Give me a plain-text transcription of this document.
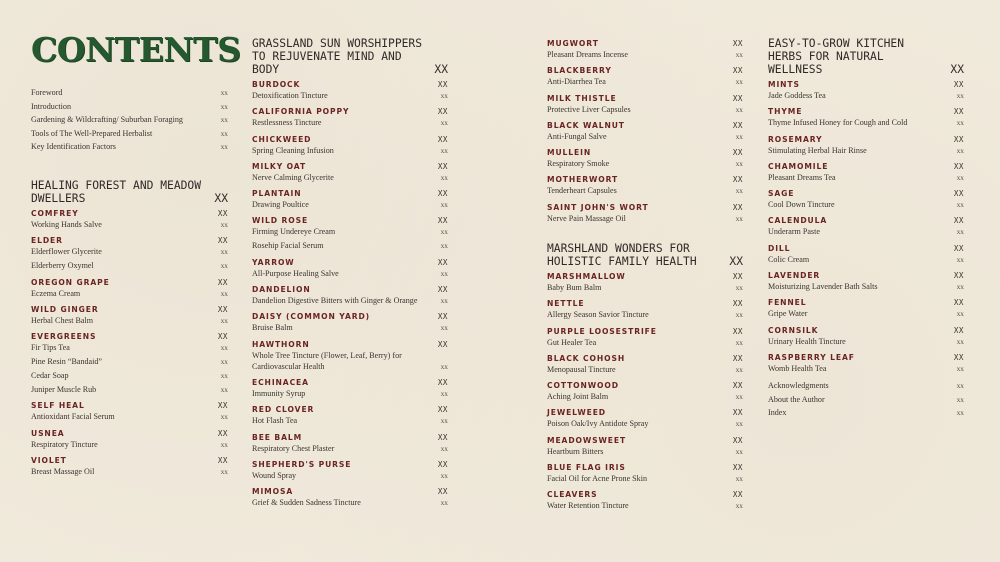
CONTENTS
Foreword	xx
Introduction	xx
Gardening & Wildcrafting/ Suburban Foraging	xx
Tools of The Well-Prepared Herbalist	xx
Key Identification Factors	xx
HEALING FOREST AND MEADOW DWELLERS	XX
COMFREY	XX
Working Hands Salve	xx
ELDER	XX
Elderflower Glycerite	xx
Elderberry Oxymel	xx
OREGON GRAPE	XX
Eczema Cream	xx
WILD GINGER	XX
Herbal Chest Balm	xx
EVERGREENS	XX
Fir Tips Tea	xx
Pine Resin “Bandaid”	xx
Cedar Soap	xx
Juniper Muscle Rub	xx
SELF HEAL	XX
Antioxidant Facial Serum	xx
USNEA	XX
Respiratory Tincture	xx
VIOLET	XX
Breast Massage Oil	xx
GRASSLAND SUN WORSHIPPERS TO REJUVENATE MIND AND BODY	XX
BURDOCK	XX
Detoxification Tincture	xx
CALIFORNIA POPPY	XX
Restlessness Tincture	xx
CHICKWEED	XX
Spring Cleaning Infusion	xx
MILKY OAT	XX
Nerve Calming Glycerite	xx
PLANTAIN	XX
Drawing Poultice	xx
WILD ROSE	XX
Firming Undereye Cream	xx
Rosehip Facial Serum	xx
YARROW	XX
All-Purpose Healing Salve	xx
DANDELION	XX
Dandelion Digestive Bitters with Ginger & Orange	xx
DAISY (COMMON YARD)	XX
Bruise Balm	xx
HAWTHORN	XX
Whole Tree Tincture (Flower, Leaf, Berry) for Cardiovascular Health	xx
ECHINACEA	XX
Immunity Syrup	xx
RED CLOVER	XX
Hot Flash Tea	xx
BEE BALM	XX
Respiratory Chest Plaster	xx
SHEPHERD'S PURSE	XX
Wound Spray	xx
MIMOSA	XX
Grief & Sudden Sadness Tincture	xx
MUGWORT	XX
Pleasant Dreams Incense	xx
BLACKBERRY	XX
Anti-Diarrhea Tea	xx
MILK THISTLE	XX
Protective Liver Capsules	xx
BLACK WALNUT	XX
Anti-Fungal Salve	xx
MULLEIN	XX
Respiratory Smoke	xx
MOTHERWORT	XX
Tenderheart Capsules	xx
SAINT JOHN'S WORT	XX
Nerve Pain Massage Oil	xx
MARSHLAND WONDERS FOR HOLISTIC FAMILY HEALTH	XX
MARSHMALLOW	XX
Baby Bum Balm	xx
NETTLE	XX
Allergy Season Savior Tincture	xx
PURPLE LOOSESTRIFE	XX
Gut Healer Tea	xx
BLACK COHOSH	XX
Menopausal Tincture	xx
COTTONWOOD	XX
Aching Joint Balm	xx
JEWELWEED	XX
Poison Oak/Ivy Antidote Spray	xx
MEADOWSWEET	XX
Heartburn Bitters	xx
BLUE FLAG IRIS	XX
Facial Oil for Acne Prone Skin	xx
CLEAVERS	XX
Water Retention Tincture	xx
EASY-TO-GROW KITCHEN HERBS FOR NATURAL WELLNESS	XX
MINTS	XX
Jade Goddess Tea	xx
THYME	XX
Thyme Infused Honey for Cough and Cold	xx
ROSEMARY	XX
Stimulating Herbal Hair Rinse	xx
CHAMOMILE	XX
Pleasant Dreams Tea	xx
SAGE	XX
Cool Down Tincture	xx
CALENDULA	XX
Underarm Paste	xx
DILL	XX
Colic Cream	xx
LAVENDER	XX
Moisturizing Lavender Bath Salts	xx
FENNEL	XX
Gripe Water	xx
CORNSILK	XX
Urinary Health Tincture	xx
RASPBERRY LEAF	XX
Womb Health Tea	xx
Acknowledgments	xx
About the Author	xx
Index	xx
